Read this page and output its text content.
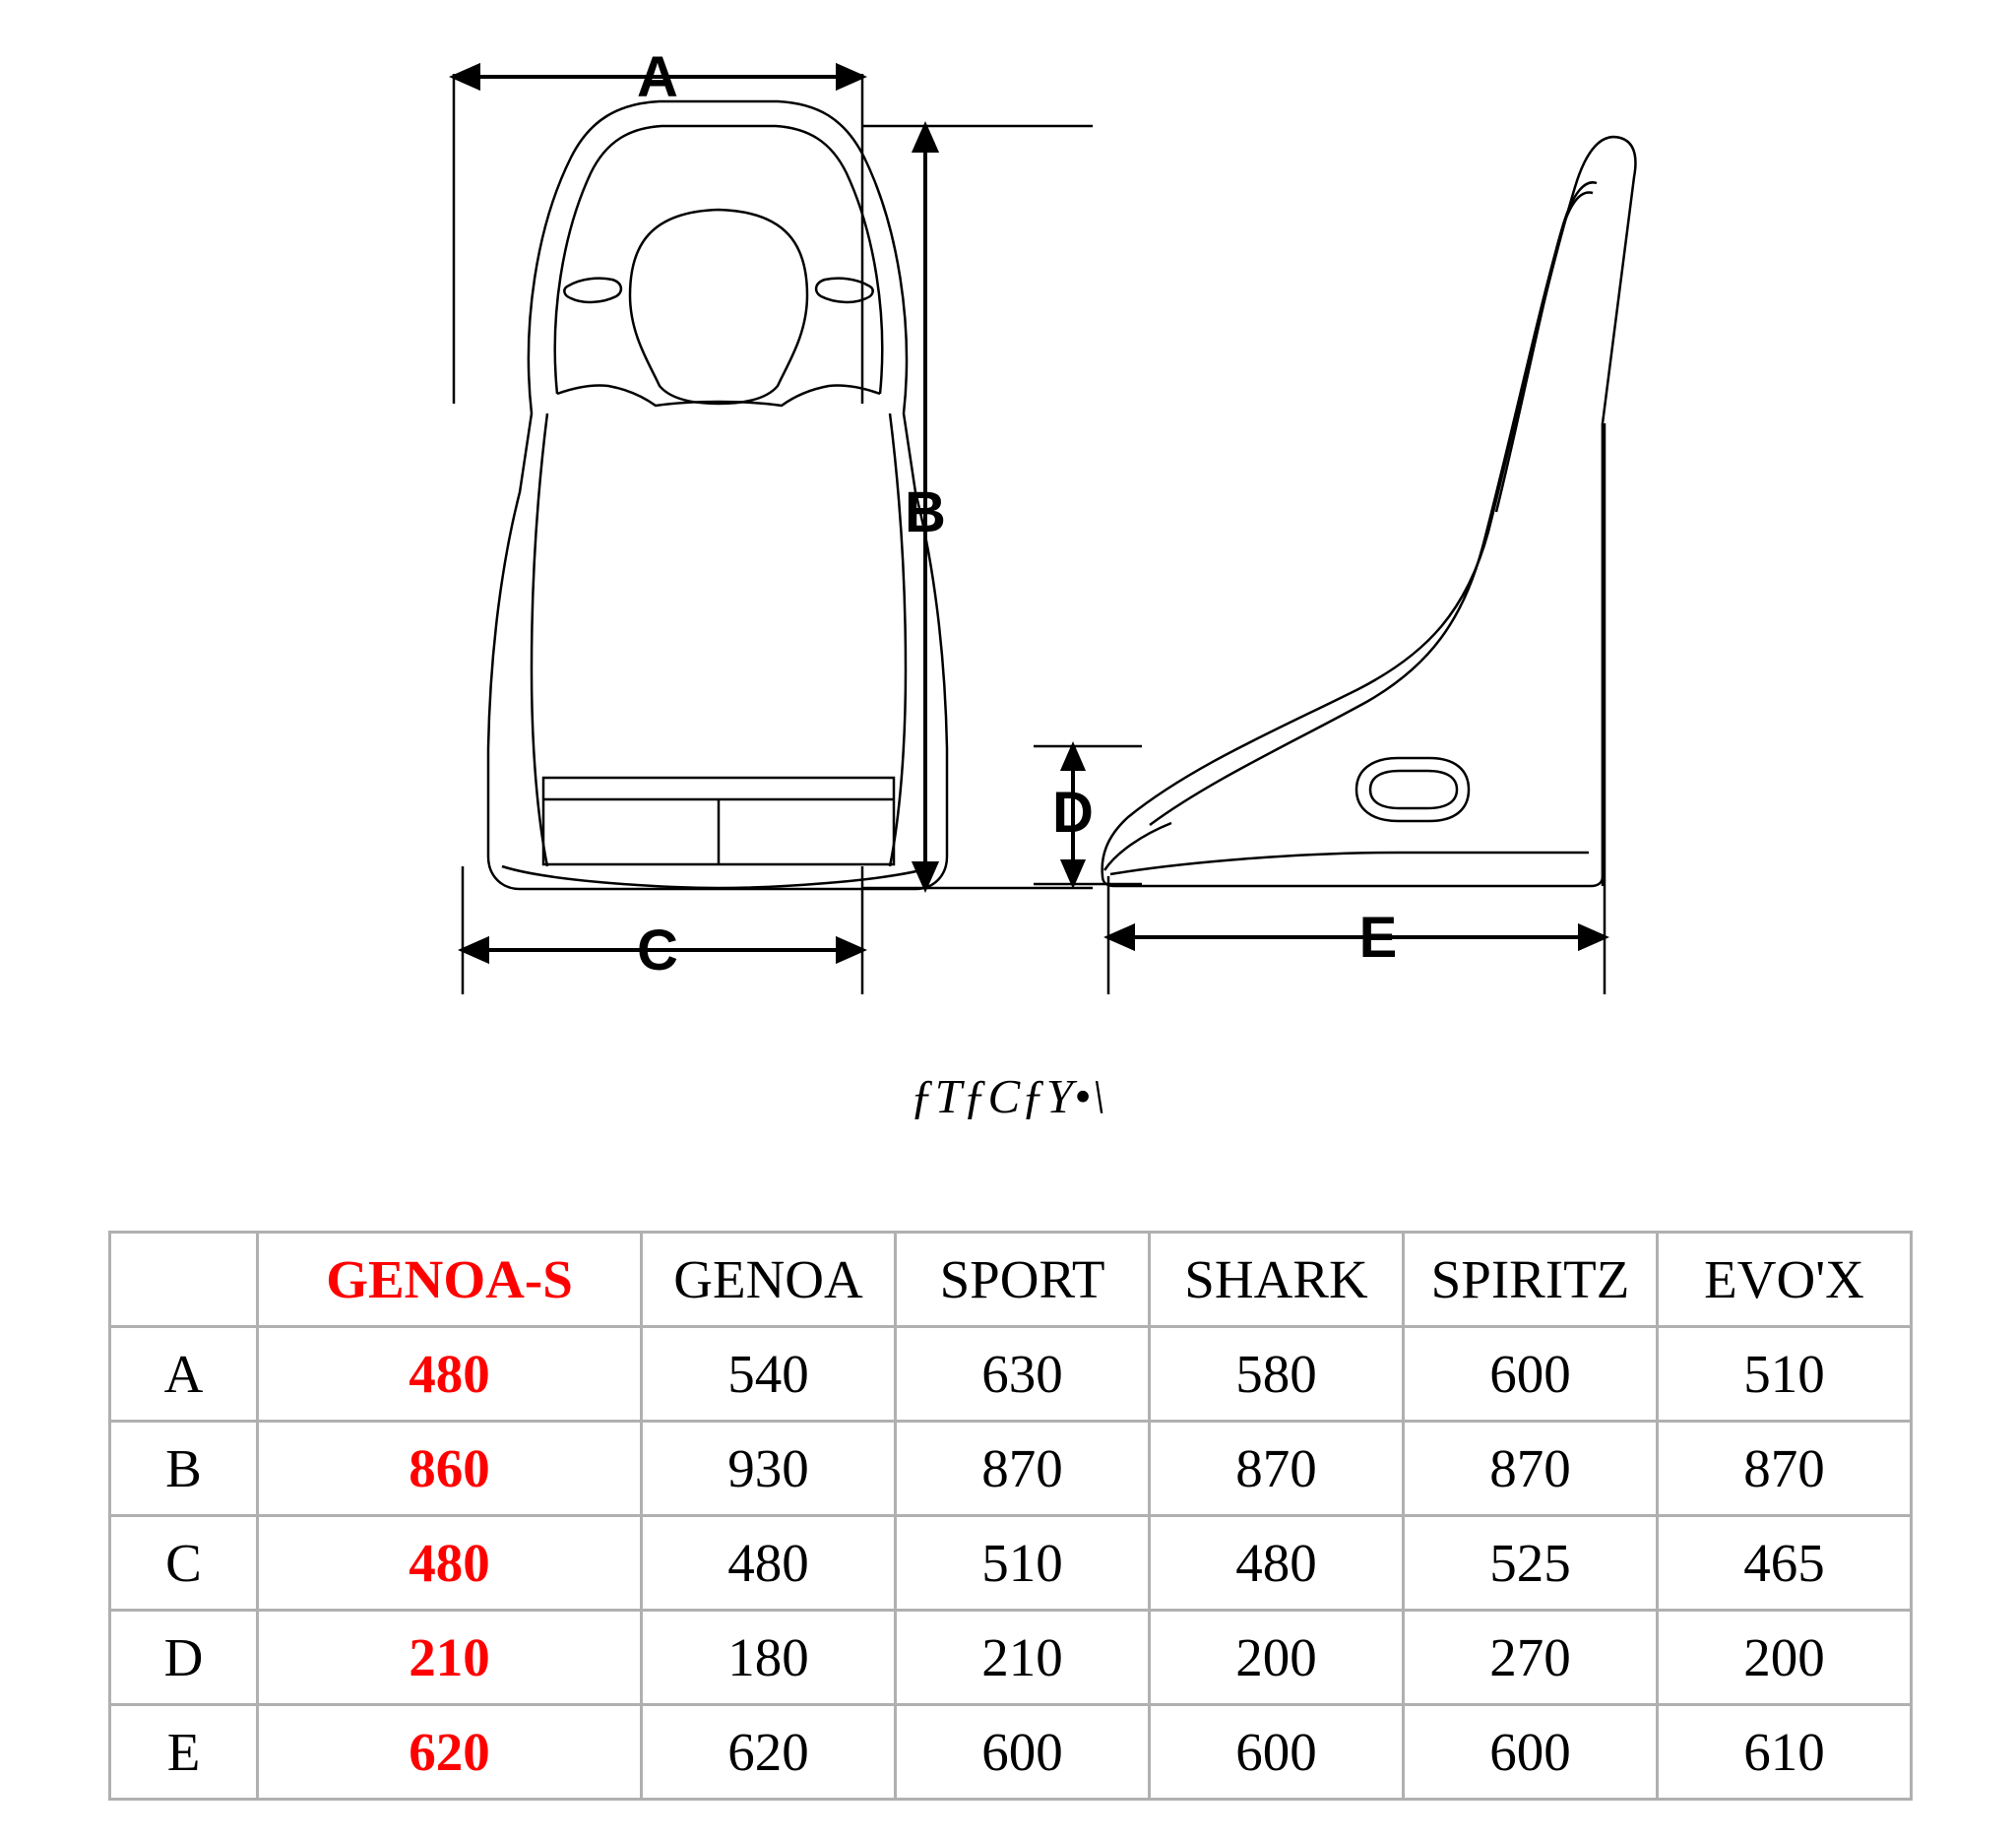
A
B
C
D
E
ƒTƒCƒY•\
	GENOA-S	GENOA	SPORT	SHARK	SPIRITZ	EVO'X
A	480	540	630	580	600	510
B	860	930	870	870	870	870
C	480	480	510	480	525	465
D	210	180	210	200	270	200
E	620	620	600	600	600	610
